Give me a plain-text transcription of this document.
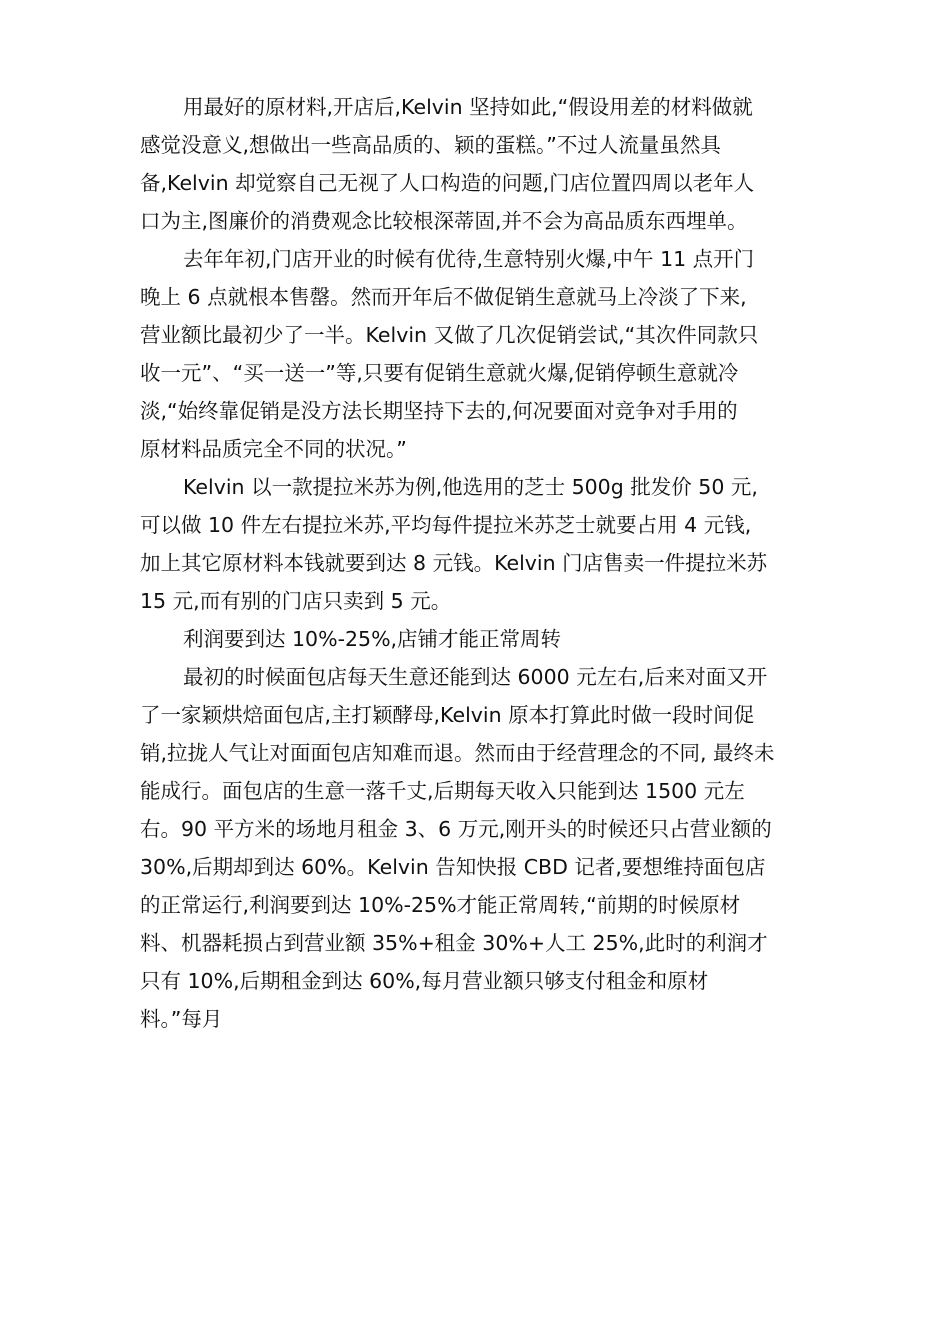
用最好的原材料,开店后,Kelvin 坚持如此,“假设用差的材料做就
感觉没意义,想做出一些高品质的、颖的蛋糕。”不过人流量虽然具
备,Kelvin 却觉察自己无视了人口构造的问题,门店位置四周以老年人
口为主,图廉价的消费观念比较根深蒂固,并不会为高品质东西埋单。
去年年初,门店开业的时候有优待,生意特别火爆,中午 11 点开门
晚上 6 点就根本售罄。然而开年后不做促销生意就马上冷淡了下来,
营业额比最初少了一半。Kelvin 又做了几次促销尝试,“其次件同款只
收一元”、“买一送一”等,只要有促销生意就火爆,促销停顿生意就冷
淡,“始终靠促销是没方法长期坚持下去的,何况要面对竞争对手用的
原材料品质完全不同的状况。”
Kelvin 以一款提拉米苏为例,他选用的芝士 500g 批发价 50 元,
可以做 10 件左右提拉米苏,平均每件提拉米苏芝士就要占用 4 元钱,
加上其它原材料本钱就要到达 8 元钱。Kelvin 门店售卖一件提拉米苏
15 元,而有别的门店只卖到 5 元。
利润要到达 10%-25%,店铺才能正常周转
最初的时候面包店每天生意还能到达 6000 元左右,后来对面又开
了一家颖烘焙面包店,主打颖酵母,Kelvin 原本打算此时做一段时间促
销,拉拢人气让对面面包店知难而退。然而由于经营理念的不同, 最终未
能成行。面包店的生意一落千丈,后期每天收入只能到达 1500 元左
右。90 平方米的场地月租金 3、6 万元,刚开头的时候还只占营业额的
30%,后期却到达 60%。Kelvin 告知快报 CBD 记者,要想维持面包店
的正常运行,利润要到达 10%-25%才能正常周转,“前期的时候原材
料、机器耗损占到营业额 35%+租金 30%+人工 25%,此时的利润才
只有 10%,后期租金到达 60%,每月营业额只够支付租金和原材
料。”每月
